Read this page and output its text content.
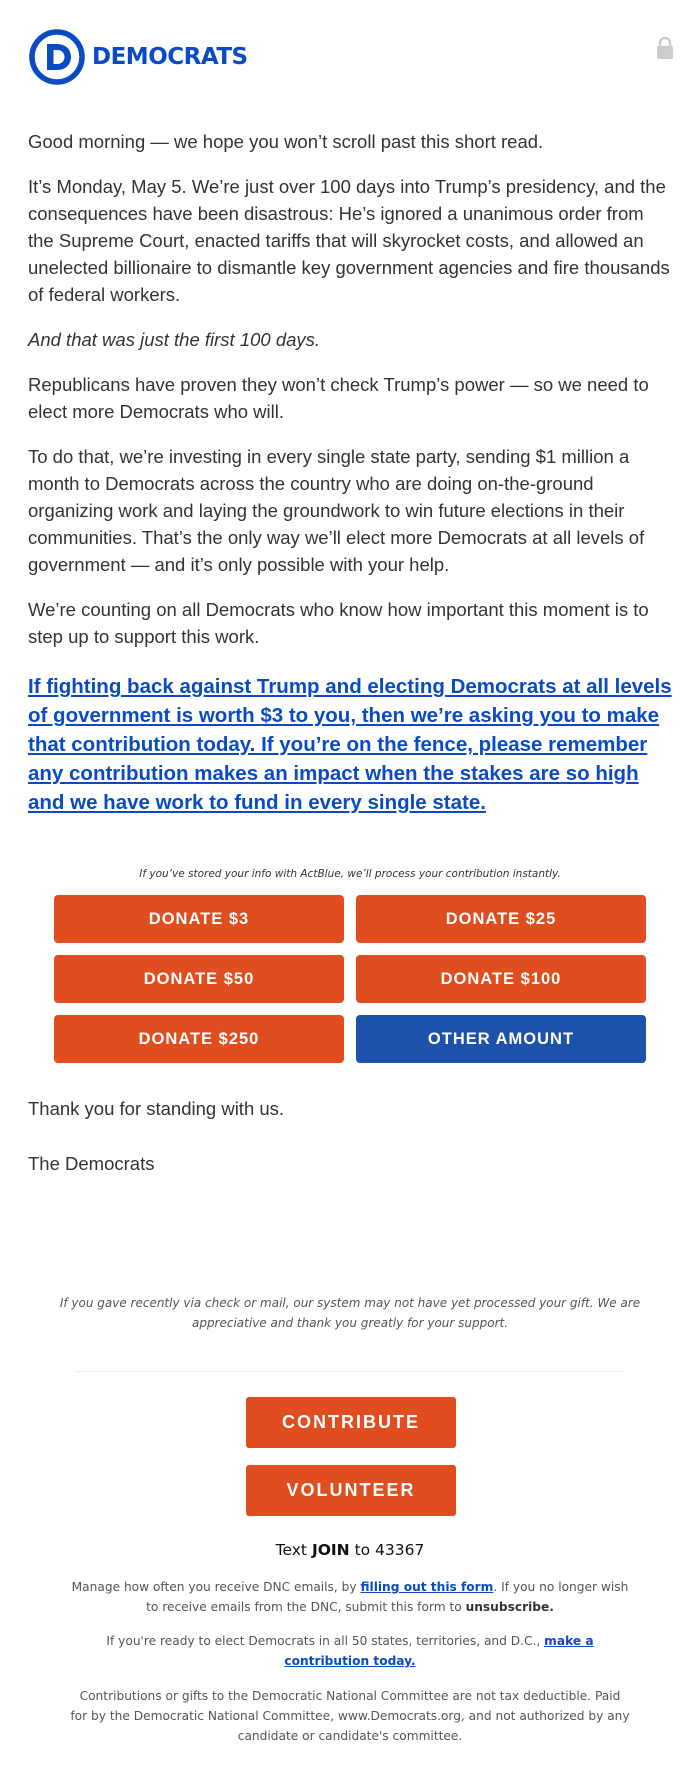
DEMOCRATS

Good morning — we hope you won’t scroll past this short read.

It’s Monday, May 5. We’re just over 100 days into Trump’s presidency, and the consequences have been disastrous: He’s ignored a unanimous order from the Supreme Court, enacted tariffs that will skyrocket costs, and allowed an unelected billionaire to dismantle key government agencies and fire thousands of federal workers.

And that was just the first 100 days.

Republicans have proven they won’t check Trump’s power — so we need to elect more Democrats who will.

To do that, we’re investing in every single state party, sending $1 million a month to Democrats across the country who are doing on-the-ground organizing work and laying the groundwork to win future elections in their communities. That’s the only way we’ll elect more Democrats at all levels of government — and it’s only possible with your help.

We’re counting on all Democrats who know how important this moment is to step up to support this work.

If fighting back against Trump and electing Democrats at all levels of government is worth $3 to you, then we’re asking you to make that contribution today. If you’re on the fence, please remember any contribution makes an impact when the stakes are so high and we have work to fund in every single state.
If you’ve stored your info with ActBlue, we’ll process your contribution instantly.
DONATE $3	DONATE $25
DONATE $50	DONATE $100
DONATE $250	OTHER AMOUNT
Thank you for standing with us.
The Democrats
If you gave recently via check or mail, our system may not have yet processed your gift. We are appreciative and thank you greatly for your support.
CONTRIBUTE
VOLUNTEER
Text JOIN to 43367
Manage how often you receive DNC emails, by filling out this form. If you no longer wish to receive emails from the DNC, submit this form to unsubscribe.
If you're ready to elect Democrats in all 50 states, territories, and D.C., make a contribution today.
Contributions or gifts to the Democratic National Committee are not tax deductible. Paid for by the Democratic National Committee, www.Democrats.org, and not authorized by any candidate or candidate's committee.
